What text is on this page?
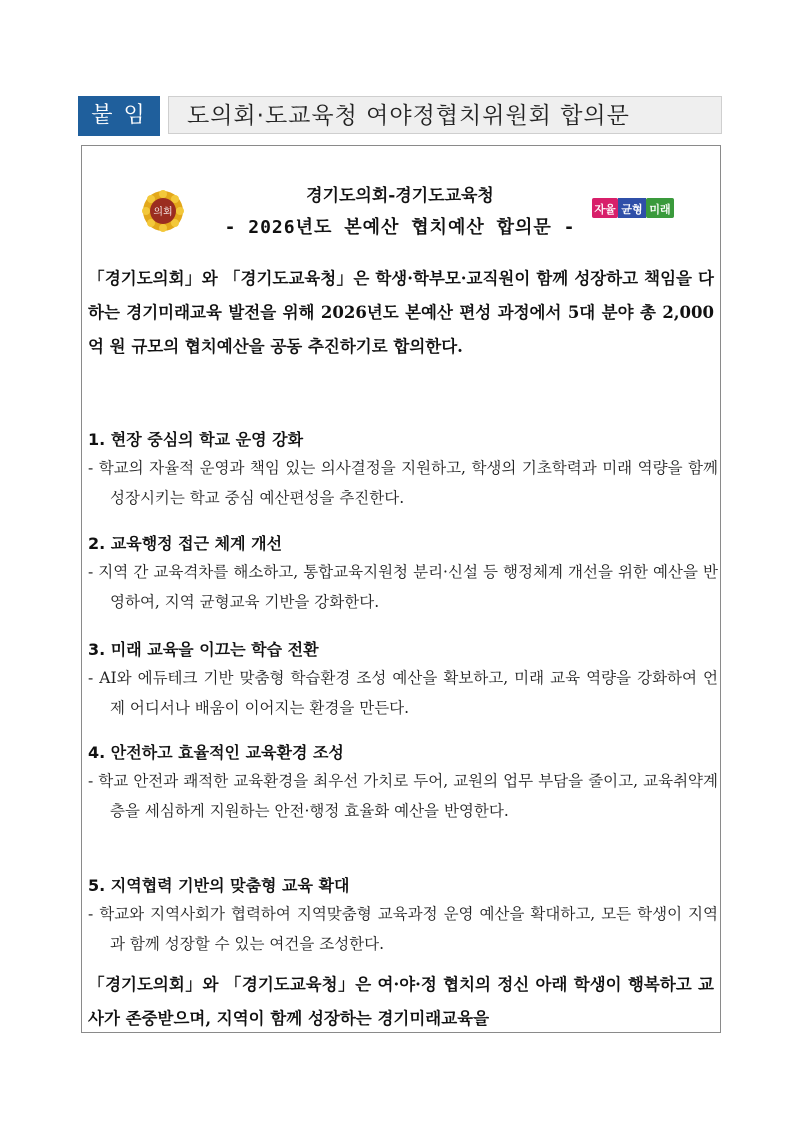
붙 임	도의회·도교육청 여야정협치위원회 합의문
의회
경기도의회-경기도교육청
- 2026년도 본예산 협치예산 합의문 -
자율 균형 미래
「경기도의회」와 「경기도교육청」은 학생·학부모·교직원이 함께 성장하고 책임을 다하는 경기미래교육 발전을 위해 2026년도 본예산 편성 과정에서 5대 분야 총 2,000억 원 규모의 협치예산을 공동 추진하기로 합의한다.
1. 현장 중심의 학교 운영 강화
- 학교의 자율적 운영과 책임 있는 의사결정을 지원하고, 학생의 기초학력과 미래 역량을 함께 성장시키는 학교 중심 예산편성을 추진한다.
2. 교육행정 접근 체계 개선
- 지역 간 교육격차를 해소하고, 통합교육지원청 분리·신설 등 행정체계 개선을 위한 예산을 반영하여, 지역 균형교육 기반을 강화한다.
3. 미래 교육을 이끄는 학습 전환
- AI와 에듀테크 기반 맞춤형 학습환경 조성 예산을 확보하고, 미래 교육 역량을 강화하여 언제 어디서나 배움이 이어지는 환경을 만든다.
4. 안전하고 효율적인 교육환경 조성
- 학교 안전과 쾌적한 교육환경을 최우선 가치로 두어, 교원의 업무 부담을 줄이고, 교육취약계층을 세심하게 지원하는 안전·행정 효율화 예산을 반영한다.
5. 지역협력 기반의 맞춤형 교육 확대
- 학교와 지역사회가 협력하여 지역맞춤형 교육과정 운영 예산을 확대하고, 모든 학생이 지역과 함께 성장할 수 있는 여건을 조성한다.
「경기도의회」와 「경기도교육청」은 여·야·정 협치의 정신 아래 학생이 행복하고 교사가 존중받으며, 지역이 함께 성장하는 경기미래교육을
